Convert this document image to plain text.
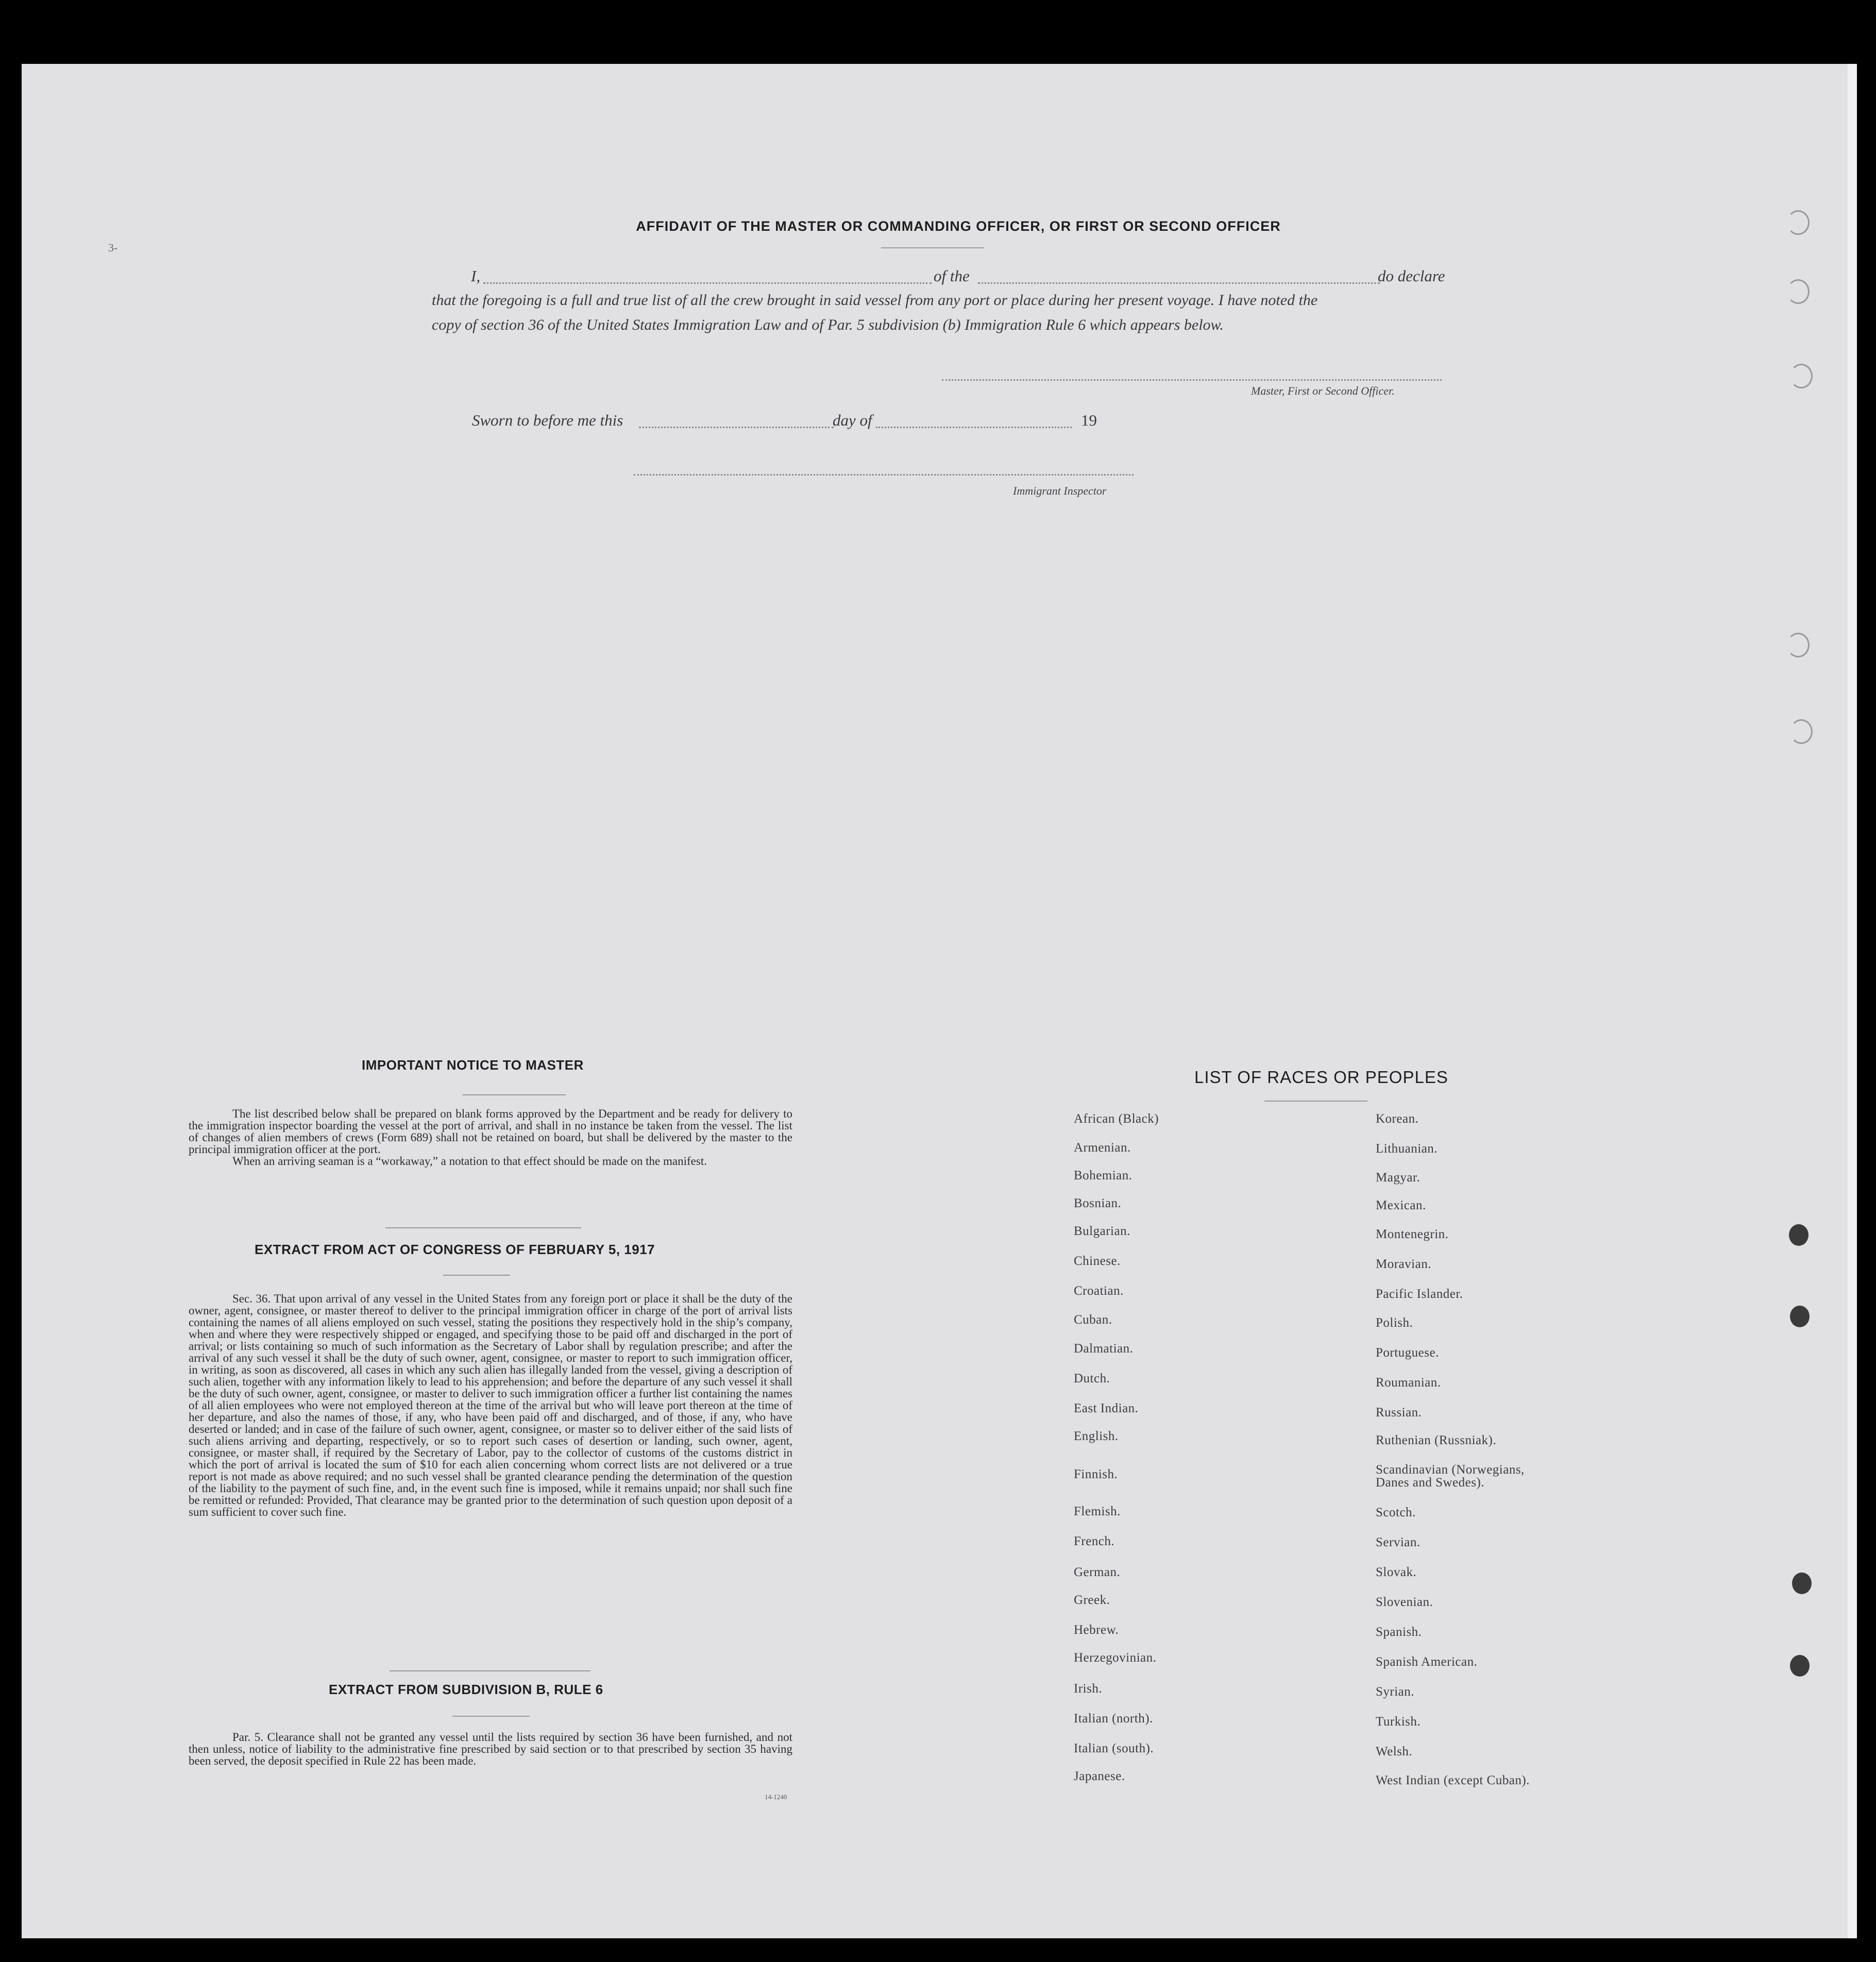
3-
AFFIDAVIT OF THE MASTER OR COMMANDING OFFICER, OR FIRST OR SECOND OFFICER
I,	of the	do declare
that the foregoing is a full and true list of all the crew brought in said vessel from any port or place during her present voyage. I have noted the
copy of section 36 of the United States Immigration Law and of Par. 5 subdivision (b) Immigration Rule 6 which appears below.
Master, First or Second Officer.
Sworn to before me this	day of	19
Immigrant Inspector
IMPORTANT NOTICE TO MASTER

The list described below shall be prepared on blank forms approved by the Department and be ready for delivery to the immigration inspector boarding the vessel at the port of arrival, and shall in no instance be taken from the vessel. The list of changes of alien members of crews (Form 689) shall not be retained on board, but shall be delivered by the master to the principal immigration officer at the port.

When an arriving seaman is a “workaway,” a notation to that effect should be made on the manifest.

EXTRACT FROM ACT OF CONGRESS OF FEBRUARY 5, 1917

Sec. 36. That upon arrival of any vessel in the United States from any foreign port or place it shall be the duty of the owner, agent, consignee, or master thereof to deliver to the principal immigration officer in charge of the port of arrival lists containing the names of all aliens employed on such vessel, stating the positions they respectively hold in the ship’s company, when and where they were respectively shipped or engaged, and specifying those to be paid off and discharged in the port of arrival; or lists containing so much of such information as the Secretary of Labor shall by regulation prescribe; and after the arrival of any such vessel it shall be the duty of such owner, agent, consignee, or master to report to such immigration officer, in writing, as soon as discovered, all cases in which any such alien has illegally landed from the vessel, giving a description of such alien, together with any information likely to lead to his apprehension; and before the departure of any such vessel it shall be the duty of such owner, agent, consignee, or master to deliver to such immigration officer a further list containing the names of all alien employees who were not employed thereon at the time of the arrival but who will leave port thereon at the time of her departure, and also the names of those, if any, who have been paid off and discharged, and of those, if any, who have deserted or landed; and in case of the failure of such owner, agent, consignee, or master so to deliver either of the said lists of such aliens arriving and departing, respectively, or so to report such cases of desertion or landing, such owner, agent, consignee, or master shall, if required by the Secretary of Labor, pay to the collector of customs of the customs district in which the port of arrival is located the sum of $10 for each alien concerning whom correct lists are not delivered or a true report is not made as above required; and no such vessel shall be granted clearance pending the determination of the question of the liability to the payment of such fine, and, in the event such fine is imposed, while it remains unpaid; nor shall such fine be remitted or refunded: Provided, That clearance may be granted prior to the determination of such question upon deposit of a sum sufficient to cover such fine.

EXTRACT FROM SUBDIVISION B, RULE 6

Par. 5. Clearance shall not be granted any vessel until the lists required by section 36 have been furnished, and not then unless, notice of liability to the administrative fine prescribed by said section or to that prescribed by section 35 having been served, the deposit specified in Rule 22 has been made.

14-1240
LIST OF RACES OR PEOPLES
African (Black)
Armenian.
Bohemian.
Bosnian.
Bulgarian.
Chinese.
Croatian.
Cuban.
Dalmatian.
Dutch.
East Indian.
English.
Finnish.
Flemish.
French.
German.
Greek.
Hebrew.
Herzegovinian.
Irish.
Italian (north).
Italian (south).
Japanese.
Korean.
Lithuanian.
Magyar.
Mexican.
Montenegrin.
Moravian.
Pacific Islander.
Polish.
Portuguese.
Roumanian.
Russian.
Ruthenian (Russniak).
Scandinavian (Norwegians,
Danes and Swedes).
Scotch.
Servian.
Slovak.
Slovenian.
Spanish.
Spanish American.
Syrian.
Turkish.
Welsh.
West Indian (except Cuban).
